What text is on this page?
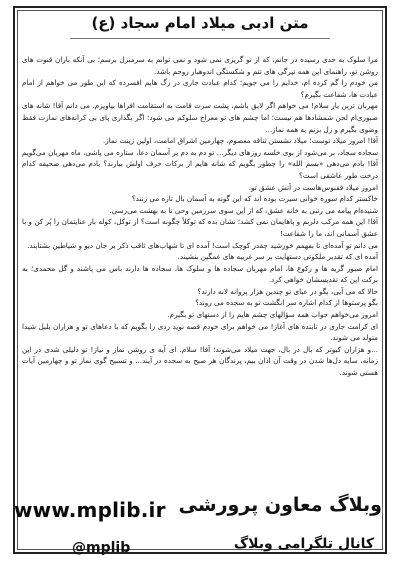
متن ادبی میلاد امام سجاد (ع)

مرا سلوک به حدی رسیده در جانم، که از تو گریزی نمی شود و نمی توانم به سرمنزل برسم؛ بی آنکه باران قنوت های روشن تو، راهنمای این همه تیرگی های تنم و شکستگی اندوهبار روحم باشد.

من خودم را گم کرده ام، خدایم را می جویم؛ کدام عبادت جاری در رگ هایم افسرده که این طور می خواهم از امام عبادت ها، شفاعت بگیرم؟

مهربان ترین یار سلام! می خواهم اگر لایق باشم، پشت سرت قامت به استقامت افراها بیاویزم. می دانم آقا! شانه های صبوری‌ام لحن شمشادها هم نیست؛ اما چشم های تو معراج سلوکم می شود؛ اگر بگذاری پای بی کرانه‌های نمازت فقط وضوی بگیرم و زل بزنم به همه نماز...

آقا! امروز میلاد توست؛ میلاد نشستن ثناقه معصوم، چهارمین اشراق امامت، اولین زینت نماز.

سجاده سجاد، بر می‌شود از بوی خلسه روزهای دیگر... تو دم به دم بر آسمان دعا، ستاره می پاشی، ماه مهربان می‌گویم آقا! بادم می‌دهی «بسم الله» را چطور بگویم که شانه هایم از برکات حرف اولش ببارند؟ بادم می‌دهی صحیفه کدام درخت طور عاشقی است؟

امروز میلاد ققنوس‌هاست در آتش عشق تو.

خاکستر کدام سوره خوانی سیرت بوده اند که این گونه به آسمان بال تازه می زنند؟

شنیده‌ام پیامه می رتبی به خانه عشق، که از این سوی سرزمین وحی تا به بهشت می‌رسی.

آقا! این همه مرکب دلربم و پاهایمان نمی کشد؛ نشان بده که توکلاً چگونه است؟ از توکل، کوله بار عنایتمان را پُر کن و با عشق آسمانی اند، ما را شفاعت!

می دانم تو آمده‌ای تا بفهمم خورشید چقدر کوچک است! آمده ای تا شهاب‌های ثاقب ذکر بر جان دیو و شیاطین بشتابند.

آمده ای که تقدیر ملکوتی دستهایت بر سر غریبه های غمگین بنشیند.

امام صبور گریه ها و رکوع ها، امام مهربان سجاده ها و سلوک ها، سجاده ها دارند باس می پاشند و گل محمدی؛ به برکت این که تقدیسشان خواهی کرد.

حالا که می آیی، بگو در عبای تو چندین هزار پروانه لانه دارند؟

بگو پرستوها از کدام اشاره سر انگشت تو به سجده می روند؟

امروز می‌خواهم جواب همه سؤالهای چشم هایم را از دستهای تو بگیرم.

ای کرامت جاری در تابنده های آغاز! می خواهم برای خودم قصه نوید ردی را بگویم که با دعاهای تو و هزاران بلبل شیدا متولد می شوند.

...و هزاران کبوتر که بال در بال، جهت میلاد می‌شوند؛ آقا! سلام. ای آیه ی روشن نماز و نیاز! تو دلیلی شدی در این زمانه، سایه دل‌ها شدن در وقت آن اذان بیم، پرندگان هر صبح به سجده در آیند... و تسبیح گوی نماز تو و چهارمین آیات هستی شوند.

www.mplib.ir وبلاگ معاون پرورشی
@mplib	کانال تلگرامی وبلاگ
